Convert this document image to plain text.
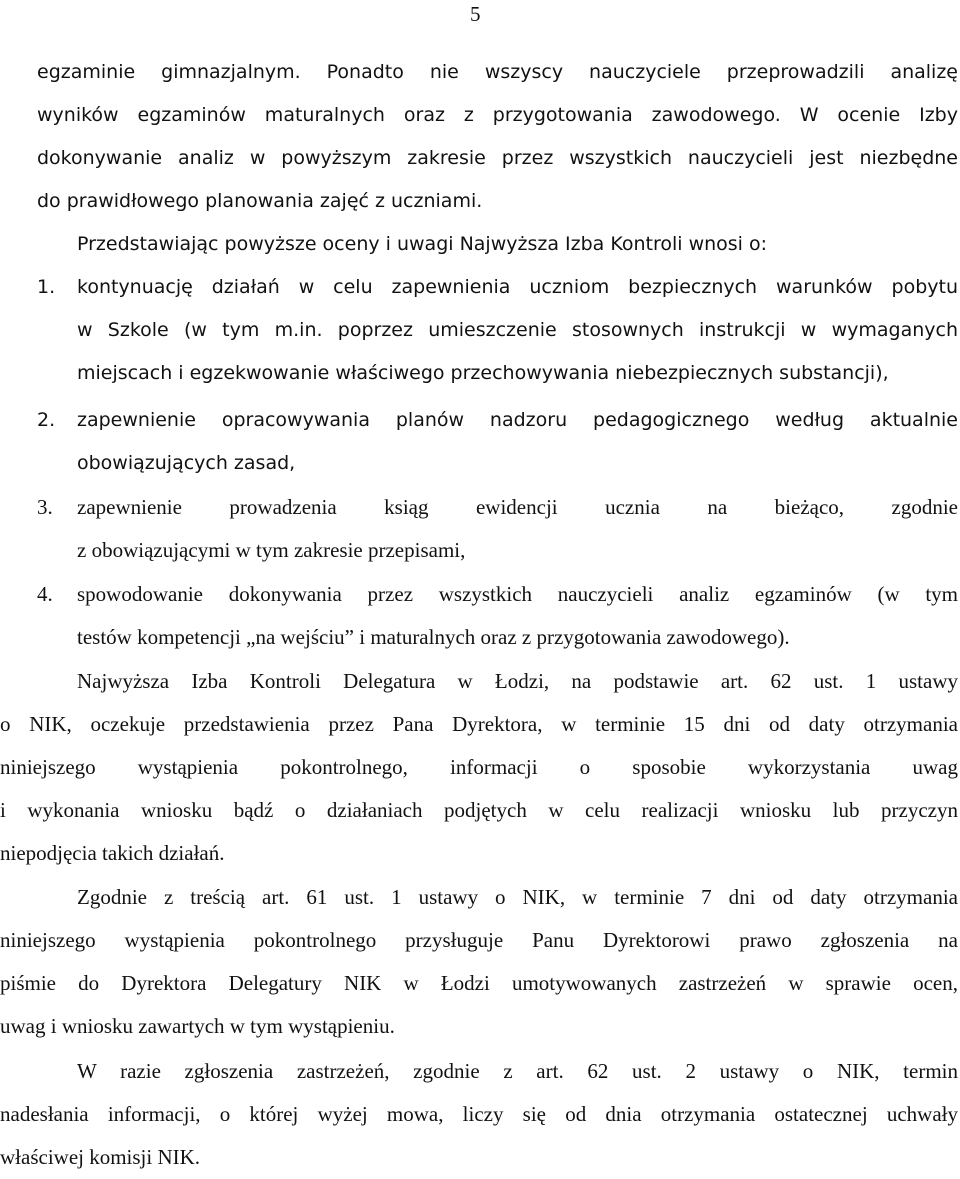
5
egzaminie gimnazjalnym. Ponadto nie wszyscy nauczyciele przeprowadzili analizę
wyników egzaminów maturalnych oraz z przygotowania zawodowego. W ocenie Izby
dokonywanie analiz w powyższym zakresie przez wszystkich nauczycieli jest niezbędne
do prawidłowego planowania zajęć z uczniami.
Przedstawiając powyższe oceny i uwagi Najwyższa Izba Kontroli wnosi o:
1. kontynuację działań w celu zapewnienia uczniom bezpiecznych warunków pobytu
w Szkole (w tym m.in. poprzez umieszczenie stosownych instrukcji w wymaganych
miejscach i egzekwowanie właściwego przechowywania niebezpiecznych substancji),
2. zapewnienie opracowywania planów nadzoru pedagogicznego według aktualnie
obowiązujących zasad,
3. zapewnienie prowadzenia ksiąg ewidencji ucznia na bieżąco, zgodnie
z obowiązującymi w tym zakresie przepisami,
4. spowodowanie dokonywania przez wszystkich nauczycieli analiz egzaminów (w tym
testów kompetencji „na wejściu” i maturalnych oraz z przygotowania zawodowego).
Najwyższa Izba Kontroli Delegatura w Łodzi, na podstawie art. 62 ust. 1 ustawy
o NIK, oczekuje przedstawienia przez Pana Dyrektora, w terminie 15 dni od daty otrzymania
niniejszego wystąpienia pokontrolnego, informacji o sposobie wykorzystania uwag
i wykonania wniosku bądź o działaniach podjętych w celu realizacji wniosku lub przyczyn
niepodjęcia takich działań.
Zgodnie z treścią art. 61 ust. 1 ustawy o NIK, w terminie 7 dni od daty otrzymania
niniejszego wystąpienia pokontrolnego przysługuje Panu Dyrektorowi prawo zgłoszenia na
piśmie do Dyrektora Delegatury NIK w Łodzi umotywowanych zastrzeżeń w sprawie ocen,
uwag i wniosku zawartych w tym wystąpieniu.
W razie zgłoszenia zastrzeżeń, zgodnie z art. 62 ust. 2 ustawy o NIK, termin
nadesłania informacji, o której wyżej mowa, liczy się od dnia otrzymania ostatecznej uchwały
właściwej komisji NIK.
